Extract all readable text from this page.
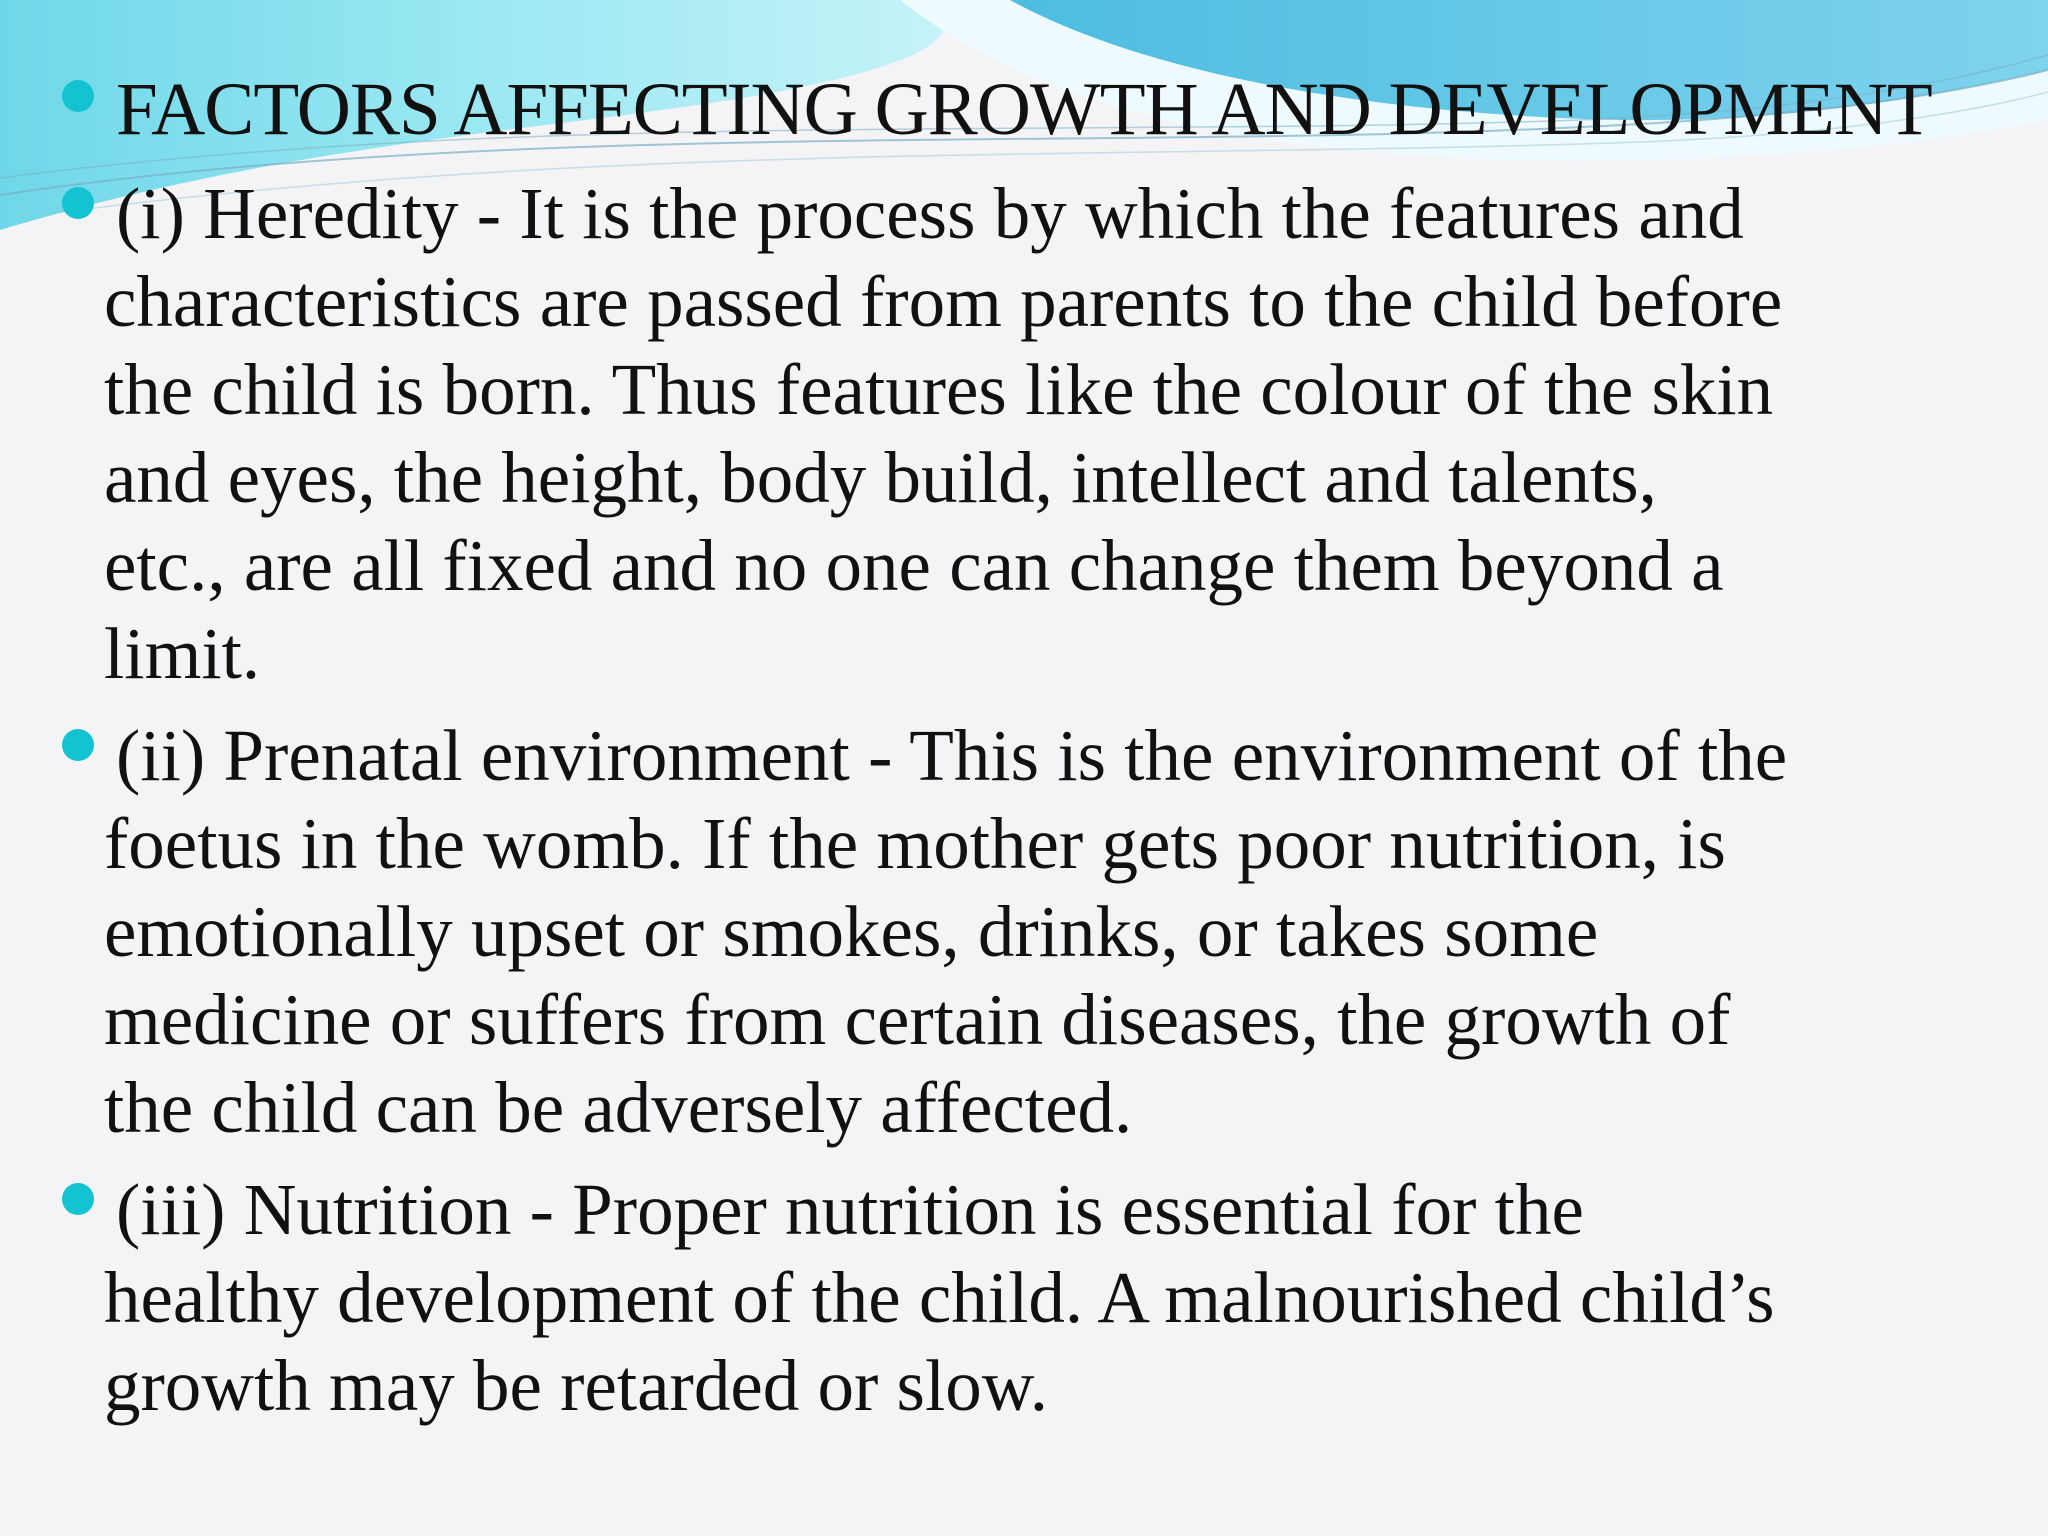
FACTORS AFFECTING GROWTH AND DEVELOPMENT
(i) Heredity - It is the process by which the features and
characteristics are passed from parents to the child before
the child is born. Thus features like the colour of the skin
and eyes, the height, body build, intellect and talents,
etc., are all fixed and no one can change them beyond a
limit.
(ii) Prenatal environment - This is the environment of the
foetus in the womb. If the mother gets poor nutrition, is
emotionally upset or smokes, drinks, or takes some
medicine or suffers from certain diseases, the growth of
the child can be adversely affected.
(iii) Nutrition - Proper nutrition is essential for the
healthy development of the child. A malnourished child’s
growth may be retarded or slow.
